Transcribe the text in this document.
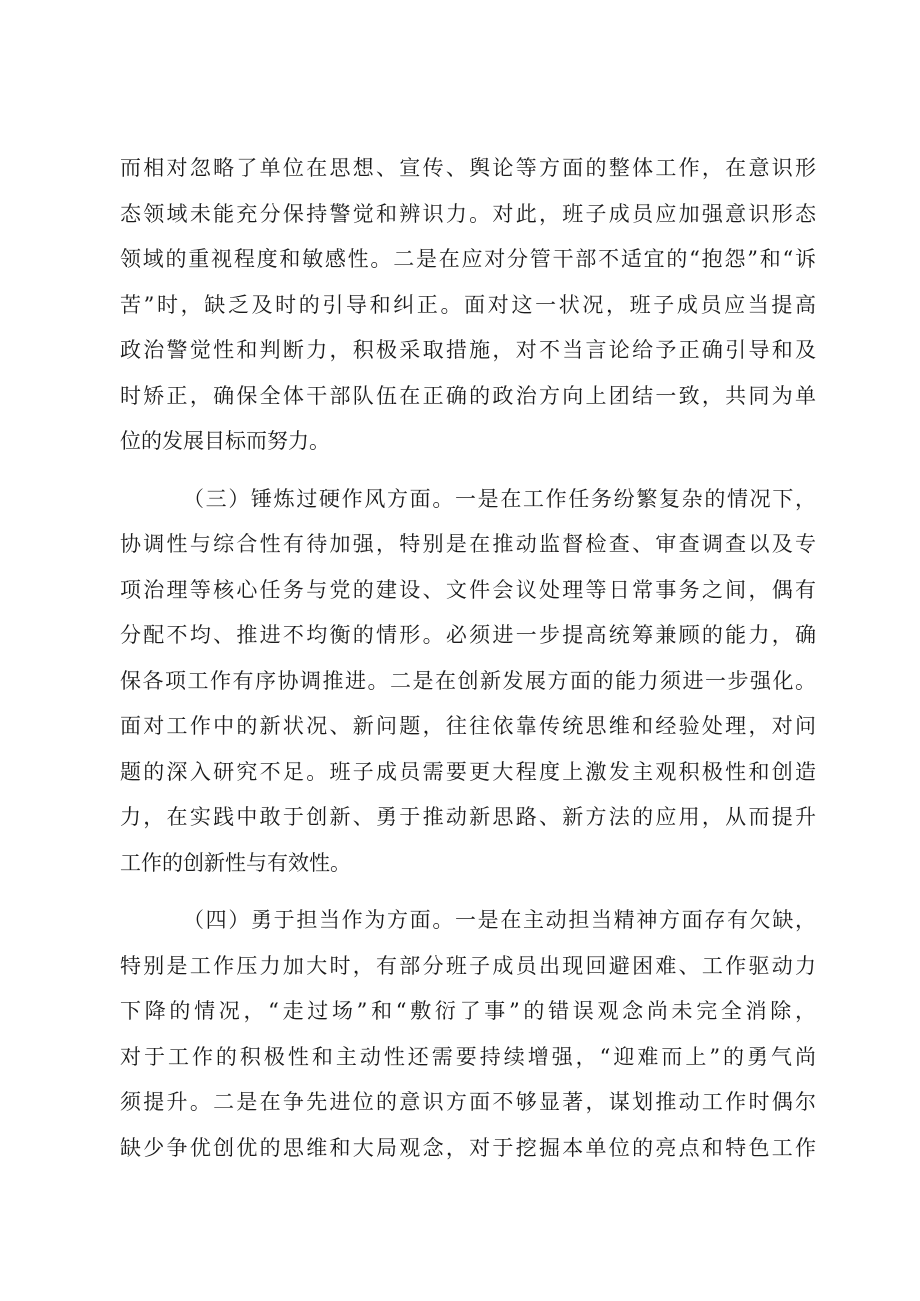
而相对忽略了单位在思想、宣传、舆论等方面的整体工作，在意识形
态领域未能充分保持警觉和辨识力。对此，班子成员应加强意识形态
领域的重视程度和敏感性。二是在应对分管干部不适宜的“抱怨”和“诉
苦”时，缺乏及时的引导和纠正。面对这一状况，班子成员应当提高
政治警觉性和判断力，积极采取措施，对不当言论给予正确引导和及
时矫正，确保全体干部队伍在正确的政治方向上团结一致，共同为单
位的发展目标而努力。
（三）锤炼过硬作风方面。一是在工作任务纷繁复杂的情况下，
协调性与综合性有待加强，特别是在推动监督检查、审查调查以及专
项治理等核心任务与党的建设、文件会议处理等日常事务之间，偶有
分配不均、推进不均衡的情形。必须进一步提高统筹兼顾的能力，确
保各项工作有序协调推进。二是在创新发展方面的能力须进一步强化。
面对工作中的新状况、新问题，往往依靠传统思维和经验处理，对问
题的深入研究不足。班子成员需要更大程度上激发主观积极性和创造
力，在实践中敢于创新、勇于推动新思路、新方法的应用，从而提升
工作的创新性与有效性。
（四）勇于担当作为方面。一是在主动担当精神方面存有欠缺，
特别是工作压力加大时，有部分班子成员出现回避困难、工作驱动力
下降的情况，“走过场”和“敷衍了事”的错误观念尚未完全消除，
对于工作的积极性和主动性还需要持续增强，“迎难而上”的勇气尚
须提升。二是在争先进位的意识方面不够显著，谋划推动工作时偶尔
缺少争优创优的思维和大局观念，对于挖掘本单位的亮点和特色工作
